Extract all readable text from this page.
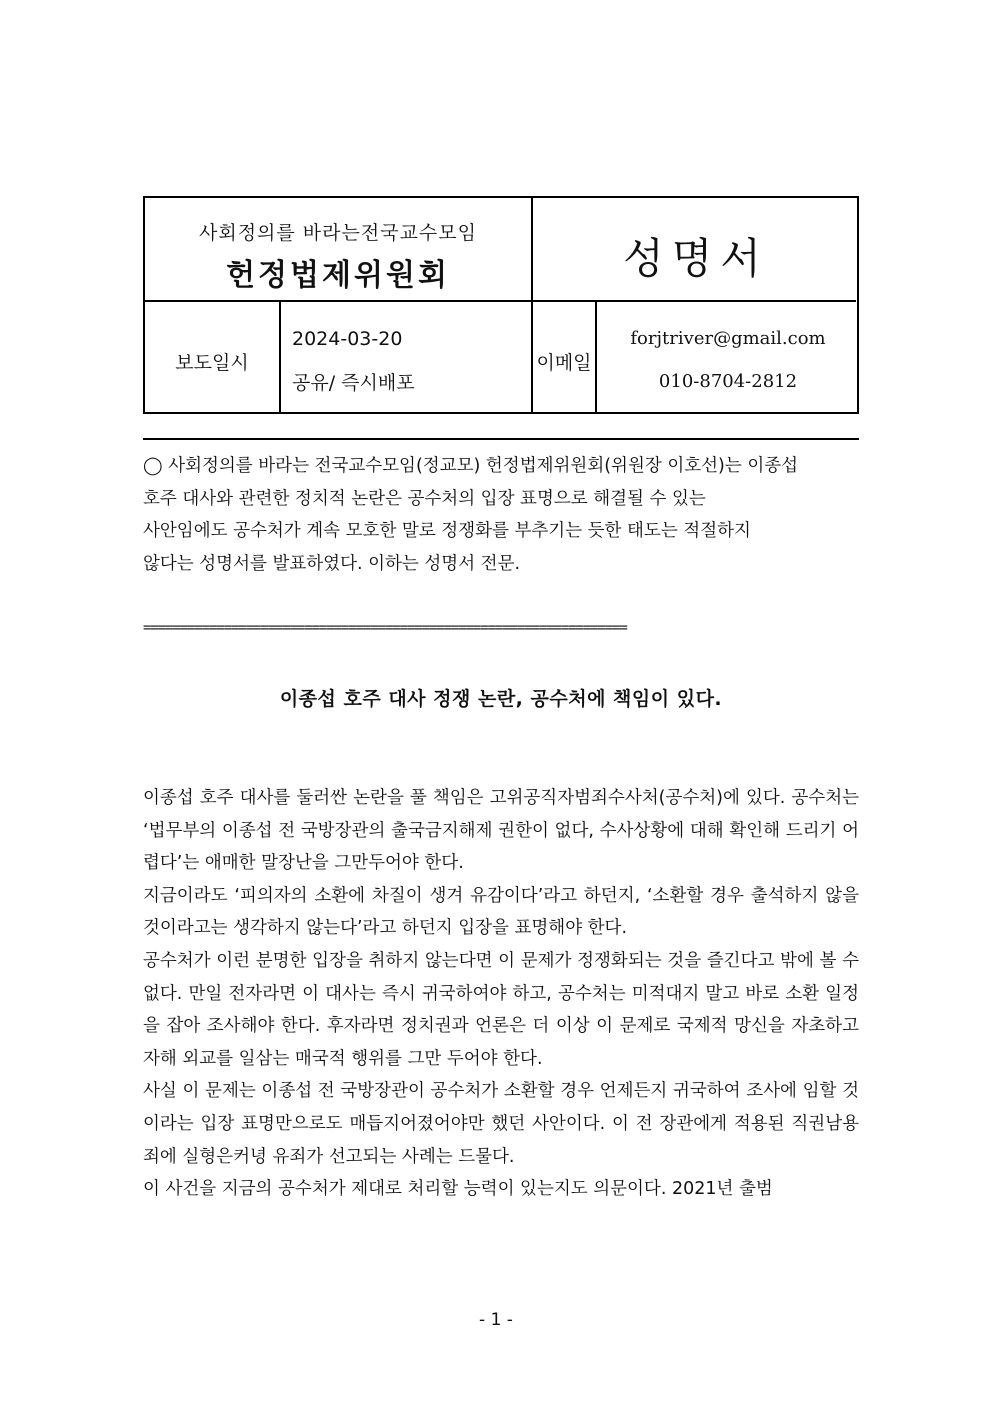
사회정의를 바라는전국교수모임
헌정법제위원회	성명서
보도일시
2024-03-20
공유/ 즉시배포
이메일
forjtriver@gmail.com
010-8704-2812
◯ 사회정의를 바라는 전국교수모임(정교모) 헌정법제위원회(위원장 이호선)는 이종섭
호주 대사와 관련한 정치적 논란은 공수처의 입장 표명으로 해결될 수 있는
사안임에도 공수처가 계속 모호한 말로 정쟁화를 부추기는 듯한 태도는 적절하지
않다는 성명서를 발표하였다. 이하는 성명서 전문.
==================================================================
이종섭 호주 대사 정쟁 논란, 공수처에 책임이 있다.

이종섭 호주 대사를 둘러싼 논란을 풀 책임은 고위공직자범죄수사처(공수처)에 있다. 공수처는 ‘법무부의 이종섭 전 국방장관의 출국금지해제 권한이 없다, 수사상황에 대해 확인해 드리기 어렵다’는 애매한 말장난을 그만두어야 한다.

지금이라도 ‘피의자의 소환에 차질이 생겨 유감이다’라고 하던지, ‘소환할 경우 출석하지 않을 것이라고는 생각하지 않는다’라고 하던지 입장을 표명해야 한다.

공수처가 이런 분명한 입장을 취하지 않는다면 이 문제가 정쟁화되는 것을 즐긴다고 밖에 볼 수 없다. 만일 전자라면 이 대사는 즉시 귀국하여야 하고, 공수처는 미적대지 말고 바로 소환 일정을 잡아 조사해야 한다. 후자라면 정치권과 언론은 더 이상 이 문제로 국제적 망신을 자초하고 자해 외교를 일삼는 매국적 행위를 그만 두어야 한다.

사실 이 문제는 이종섭 전 국방장관이 공수처가 소환할 경우 언제든지 귀국하여 조사에 임할 것이라는 입장 표명만으로도 매듭지어졌어야만 했던 사안이다. 이 전 장관에게 적용된 직권남용죄에 실형은커녕 유죄가 선고되는 사례는 드물다.

이 사건을 지금의 공수처가 제대로 처리할 능력이 있는지도 의문이다. 2021년 출범

- 1 -
